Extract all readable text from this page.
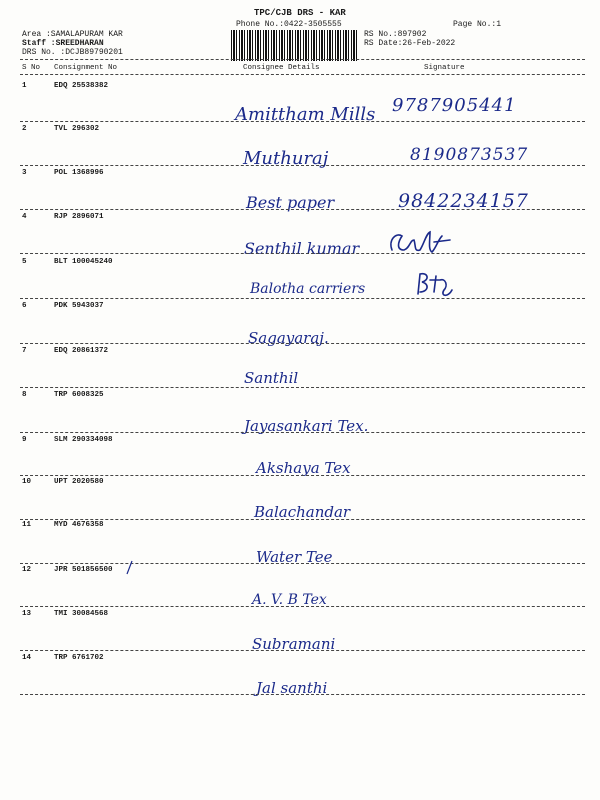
TPC/CJB DRS - KAR
Phone No.:0422-3505555	Page No.:1
Area :SAMALAPURAM KAR
Staff :SREEDHARAN
DRS No. :DCJB89790201
RS No.:897902
RS Date:26-Feb-2022
S No Consignment No	Consignee Details	Signature
1	EDQ 25538382
Amittham Mills 9787905441
2	TVL 296302
Muthuraj	8190873537
3	POL 1368996
Best paper	9842234157
4	RJP 2896071
Senthil kumar
5	BLT 100045240
Balotha carriers
6	PDK 5943037
Sagayaraj.
7	EDQ 20861372
Santhil
8	TRP 6008325
Jayasankari Tex.
9	SLM 290334098
Akshaya Tex
10	UPT 2020580
Balachandar
11	MYD 4676358
Water Tee
12	JPR 501856500
A. V. B Tex
13	TMI 30084568
Subramani
14	TRP 6761702
Jal santhi
